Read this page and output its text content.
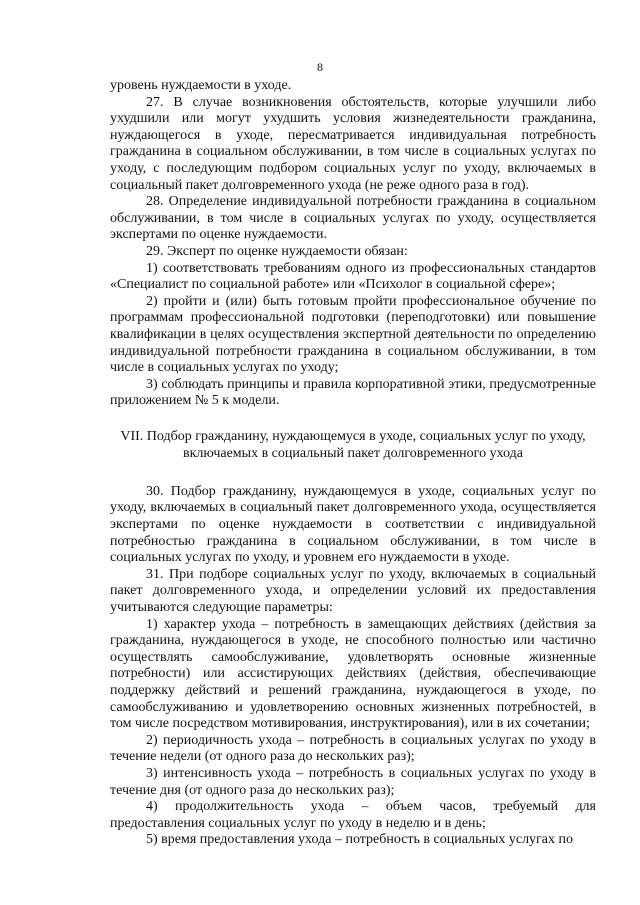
8

уровень нуждаемости в уходе.

27. В случае возникновения обстоятельств, которые улучшили либо ухудшили или могут ухудшить условия жизнедеятельности гражданина, нуждающегося в уходе, пересматривается индивидуальная потребность гражданина в социальном обслуживании, в том числе в социальных услугах по уходу, с последующим подбором социальных услуг по уходу, включаемых в социальный пакет долговременного ухода (не реже одного раза в год).

28. Определение индивидуальной потребности гражданина в социальном обслуживании, в том числе в социальных услугах по уходу, осуществляется экспертами по оценке нуждаемости.

29. Эксперт по оценке нуждаемости обязан:

1) соответствовать требованиям одного из профессиональных стандартов «Специалист по социальной работе» или «Психолог в социальной сфере»;

2) пройти и (или) быть готовым пройти профессиональное обучение по программам профессиональной подготовки (переподготовки) или повышение квалификации в целях осуществления экспертной деятельности по определению индивидуальной потребности гражданина в социальном обслуживании, в том числе в социальных услугах по уходу;

3) соблюдать принципы и правила корпоративной этики, предусмотренные приложением № 5 к модели.

VII. Подбор гражданину, нуждающемуся в уходе, социальных услуг по уходу, включаемых в социальный пакет долговременного ухода

30. Подбор гражданину, нуждающемуся в уходе, социальных услуг по уходу, включаемых в социальный пакет долговременного ухода, осуществляется экспертами по оценке нуждаемости в соответствии с индивидуальной потребностью гражданина в социальном обслуживании, в том числе в социальных услугах по уходу, и уровнем его нуждаемости в уходе.

31. При подборе социальных услуг по уходу, включаемых в социальный пакет долговременного ухода, и определении условий их предоставления учитываются следующие параметры:

1) характер ухода – потребность в замещающих действиях (действия за гражданина, нуждающегося в уходе, не способного полностью или частично осуществлять самообслуживание, удовлетворять основные жизненные потребности) или ассистирующих действиях (действия, обеспечивающие поддержку действий и решений гражданина, нуждающегося в уходе, по самообслуживанию и удовлетворению основных жизненных потребностей, в том числе посредством мотивирования, инструктирования), или в их сочетании;

2) периодичность ухода – потребность в социальных услугах по уходу в течение недели (от одного раза до нескольких раз);

3) интенсивность ухода – потребность в социальных услугах по уходу в течение дня (от одного раза до нескольких раз);

4) продолжительность ухода – объем часов, требуемый для предоставления социальных услуг по уходу в неделю и в день;

5) время предоставления ухода – потребность в социальных услугах по
